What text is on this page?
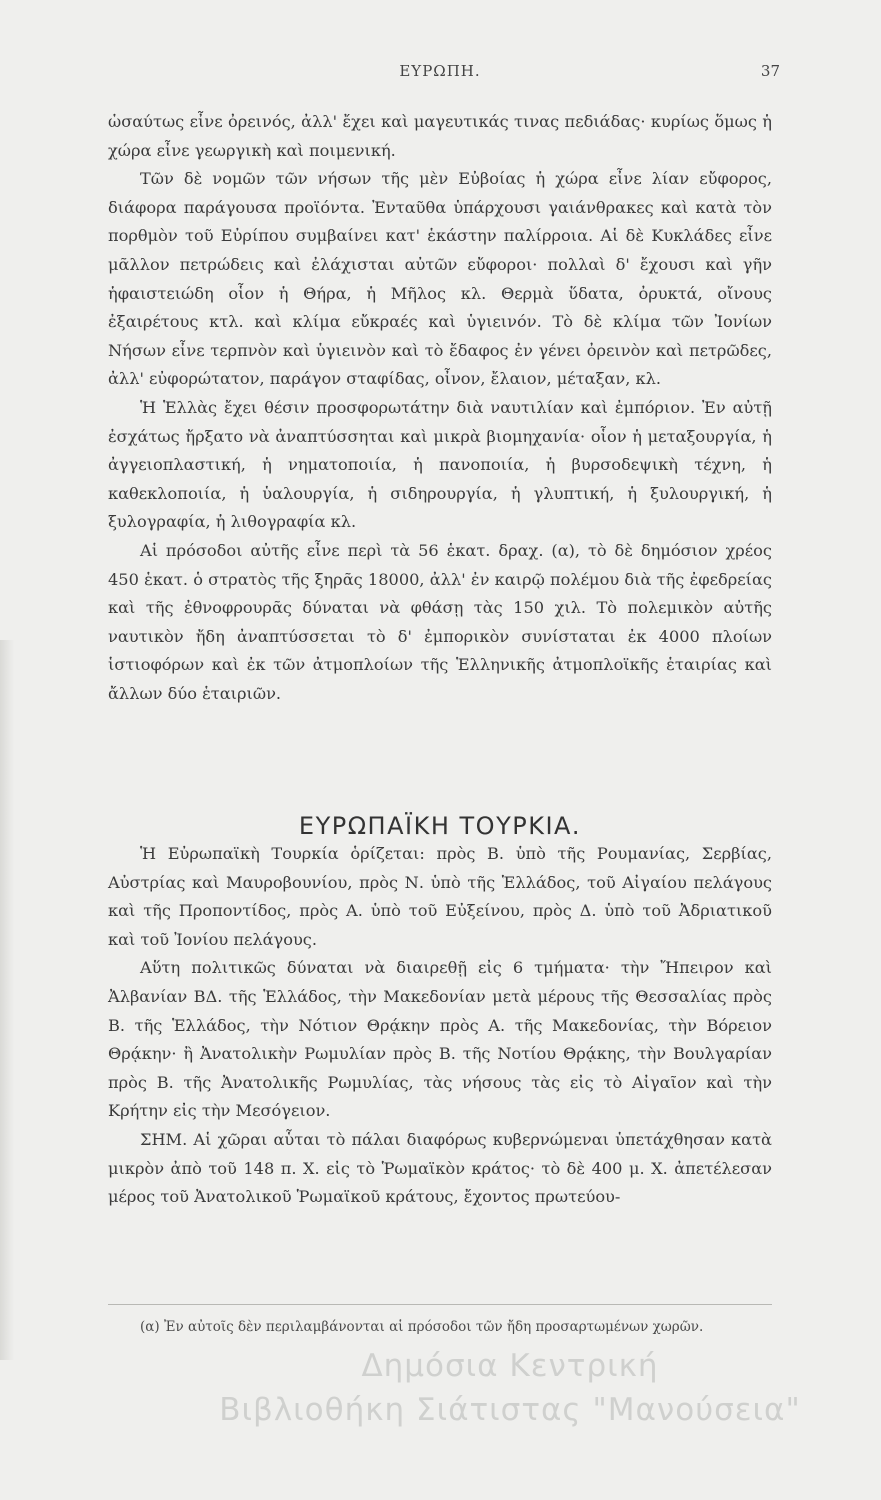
ΕΥΡΩΠΗ.	37

ὡσαύτως εἶνε ὀρεινός, ἀλλ' ἔχει καὶ μαγευτικάς τινας πεδιάδας· κυρίως ὅμως ἡ χώρα εἶνε γεωργικὴ καὶ ποιμενική.

Τῶν δὲ νομῶν τῶν νήσων τῆς μὲν Εὐβοίας ἡ χώρα εἶνε λίαν εὔφορος, διάφορα παράγουσα προϊόντα. Ἐνταῦθα ὑπάρχουσι γαιάνθρακες καὶ κατὰ τὸν πορθμὸν τοῦ Εὐρίπου συμβαίνει κατ' ἑκάστην παλίρροια. Αἱ δὲ Κυκλάδες εἶνε μᾶλλον πετρώδεις καὶ ἐλάχισται αὐτῶν εὔφοροι· πολλαὶ δ' ἔχουσι καὶ γῆν ἡφαιστειώδη οἷον ἡ Θήρα, ἡ Μῆλος κλ. Θερμὰ ὕδατα, ὀρυκτά, οἴνους ἐξαιρέτους κτλ. καὶ κλίμα εὔκραές καὶ ὑγιεινόν. Τὸ δὲ κλίμα τῶν Ἰονίων Νήσων εἶνε τερπνὸν καὶ ὑγιεινὸν καὶ τὸ ἔδαφος ἐν γένει ὀρεινὸν καὶ πετρῶδες, ἀλλ' εὐφορώτατον, παράγον σταφίδας, οἶνον, ἔλαιον, μέταξαν, κλ.

Ἡ Ἑλλὰς ἔχει θέσιν προσφορωτάτην διὰ ναυτιλίαν καὶ ἐμπόριον. Ἐν αὐτῇ ἐσχάτως ἤρξατο νὰ ἀναπτύσσηται καὶ μικρὰ βιομηχανία· οἷον ἡ μεταξουργία, ἡ ἀγγειοπλαστική, ἡ νηματοποιία, ἡ πανοποιία, ἡ βυρσοδεψικὴ τέχνη, ἡ καθεκλοποιία, ἡ ὑαλουργία, ἡ σιδηρουργία, ἡ γλυπτική, ἡ ξυλουργική, ἡ ξυλογραφία, ἡ λιθογραφία κλ.

Αἱ πρόσοδοι αὐτῆς εἶνε περὶ τὰ 56 ἑκατ. δραχ. (α), τὸ δὲ δημόσιον χρέος 450 ἑκατ. ὁ στρατὸς τῆς ξηρᾶς 18000, ἀλλ' ἐν καιρῷ πολέμου διὰ τῆς ἐφεδρείας καὶ τῆς ἐθνοφρουρᾶς δύναται νὰ φθάσῃ τὰς 150 χιλ. Τὸ πολεμικὸν αὐτῆς ναυτικὸν ἤδη ἀναπτύσσεται τὸ δ' ἐμπορικὸν συνίσταται ἐκ 4000 πλοίων ἱστιοφόρων καὶ ἐκ τῶν ἀτμοπλοίων τῆς Ἑλληνικῆς ἀτμοπλοϊκῆς ἑταιρίας καὶ ἄλλων δύο ἑταιριῶν.

ΕΥΡΩΠΑΪΚΗ ΤΟΥΡΚΙΑ.

Ἡ Εὐρωπαϊκὴ Τουρκία ὁρίζεται: πρὸς Β. ὑπὸ τῆς Ρουμανίας, Σερβίας, Αὐστρίας καὶ Μαυροβουνίου, πρὸς Ν. ὑπὸ τῆς Ἑλλάδος, τοῦ Αἰγαίου πελάγους καὶ τῆς Προποντίδος, πρὸς Α. ὑπὸ τοῦ Εὐξείνου, πρὸς Δ. ὑπὸ τοῦ Ἀδριατικοῦ καὶ τοῦ Ἰονίου πελάγους.

Αὕτη πολιτικῶς δύναται νὰ διαιρεθῇ εἰς 6 τμήματα· τὴν Ἤπειρον καὶ Ἀλβανίαν ΒΔ. τῆς Ἑλλάδος, τὴν Μακεδονίαν μετὰ μέρους τῆς Θεσσαλίας πρὸς Β. τῆς Ἑλλάδος, τὴν Νότιον Θρᾴκην πρὸς Α. τῆς Μακεδονίας, τὴν Βόρειον Θρᾴκην· ἢ Ἀνατολικὴν Ρωμυλίαν πρὸς Β. τῆς Νοτίου Θρᾴκης, τὴν Βουλγαρίαν πρὸς Β. τῆς Ἀνατολικῆς Ρωμυλίας, τὰς νήσους τὰς εἰς τὸ Αἰγαῖον καὶ τὴν Κρήτην εἰς τὴν Μεσόγειον.

ΣΗΜ. Αἱ χῶραι αὗται τὸ πάλαι διαφόρως κυβερνώμεναι ὑπετάχθησαν κατὰ μικρὸν ἀπὸ τοῦ 148 π. Χ. εἰς τὸ Ῥωμαϊκὸν κράτος· τὸ δὲ 400 μ. Χ. ἀπετέλεσαν μέρος τοῦ Ἀνατολικοῦ Ῥωμαϊκοῦ κράτους, ἔχοντος πρωτεύου-

(α) Ἐν αὐτοῖς δὲν περιλαμβάνονται αἱ πρόσοδοι τῶν ἤδη προσαρτωμένων χωρῶν.

Δημόσια Κεντρική
Βιβλιοθήκη Σιάτιστας "Μανούσεια"
